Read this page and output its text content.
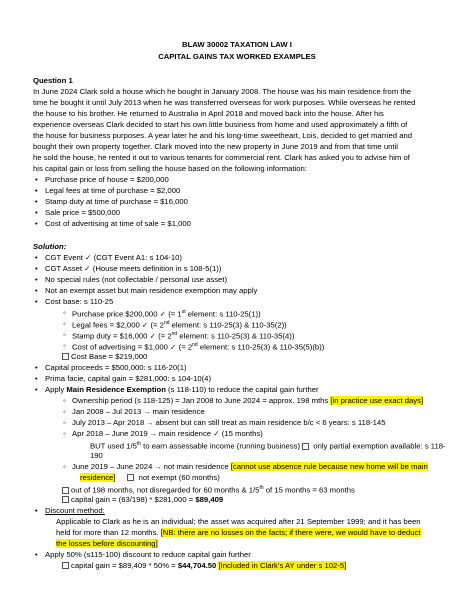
BLAW 30002 TAXATION LAW I
CAPITAL GAINS TAX WORKED EXAMPLES
Question 1
In June 2024 Clark sold a house which he bought in January 2008. The house was his main residence from the
time he bought it until July 2013 when he was transferred overseas for work purposes. While overseas he rented
the house to his brother. He returned to Australia in April 2018 and moved back into the house. After his
experience overseas Clark decided to start his own little business from home and used approximately a fifth of
the house for business purposes. A year later he and his long-time sweetheart, Lois, decided to get married and
bought their own property together. Clark moved into the new property in June 2019 and from that time until
he sold the house, he rented it out to various tenants for commercial rent. Clark has asked you to advise him of
his capital gain or loss from selling the house based on the following information:
• Purchase price of house = $200,000
• Legal fees at time of purchase = $2,000
• Stamp duty at time of purchase = $16,000
• Sale price = $500,000
• Cost of advertising at time of sale = $1,000
Solution:
• CGT Event ✓ (CGT Event A1: s 104-10)
• CGT Asset ✓ (House meets definition in s 108-5(1))
• No special rules (not collectable / personal use asset)
• Not an exempt asset but main residence exemption may apply
• Cost base: s 110-25
◦ Purchase price $200,000 ✓ (= 1st element: s 110-25(1))
◦ Legal fees = $2,000 ✓ (= 2nd element: s 110-25(3) & 110-35(2))
◦ Stamp duty = $16,000 ✓ (= 2nd element: s 110-25(3) & 110-35(4))
◦ Cost of advertising = $1,000 ✓ (= 2nd element: s 110-25(3) & 110-35(5)(b))
Cost Base = $219,000
• Capital proceeds = $500,000: s 116-20(1)
• Prima facie, capital gain = $281,000: s 104-10(4)
• Apply Main Residence Exemption (s 118-110) to reduce the capital gain further
◦ Ownership period (s 118-125) = Jan 2008 to June 2024 = approx. 198 mths [in practice use exact days]
◦ Jan 2008 – Jul 2013 → main residence
◦ July 2013 – Apr 2018 → absent but can still treat as main residence b/c < 6 years: s 118-145
◦ Apr 2018 – June 2019 → main residence ✓ (15 months)
BUT used 1/5th to earn assessable income (running business)  only partial exemption available: s 118-
190
◦ June 2019 – June 2024 → not main residence [cannot use absence rule because new home will be main
residence]	not exempt (60 months)
out of 198 months, not disregarded for 60 months & 1/5th of 15 months = 63 months
capital gain = (63/198) * $281,000 = $89,409
• Discount method:
Applicable to Clark as he is an individual; the asset was acquired after 21 September 1999; and it has been
held for more than 12 months. [NB: there are no losses on the facts; if there were, we would have to deduct
the losses before discounting]
• Apply 50% (s115-100) discount to reduce capital gain further
capital gain = $89,409 * 50% = $44,704.50 [Included in Clark’s AY under s 102-5]
